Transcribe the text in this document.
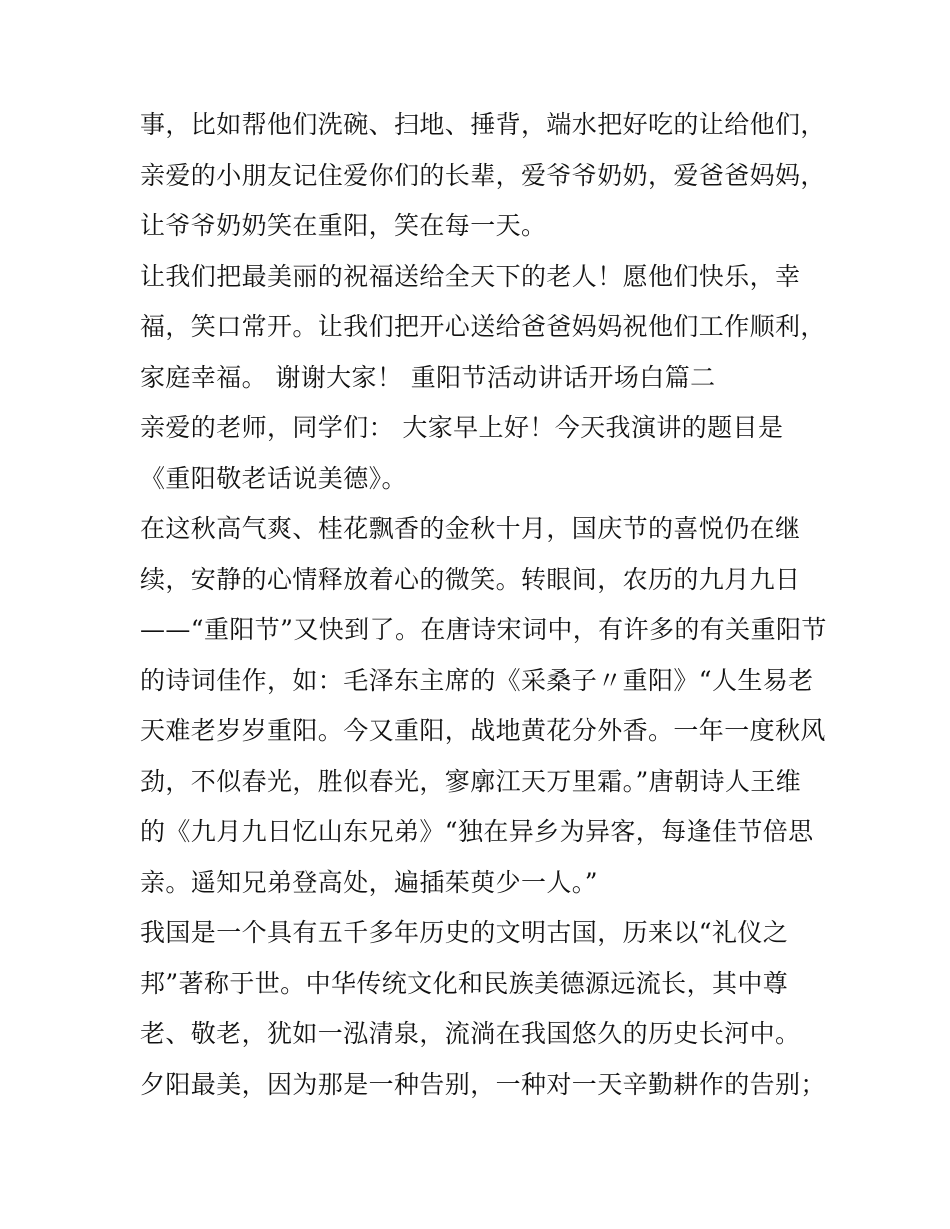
事，比如帮他们洗碗、扫地、捶背，端水把好吃的让给他们，
亲爱的小朋友记住爱你们的长辈，爱爷爷奶奶，爱爸爸妈妈，
让爷爷奶奶笑在重阳，笑在每一天。
让我们把最美丽的祝福送给全天下的老人！愿他们快乐，幸
福，笑口常开。让我们把开心送给爸爸妈妈祝他们工作顺利，
家庭幸福。 谢谢大家！ 重阳节活动讲话开场白篇二
亲爱的老师，同学们： 大家早上好！今天我演讲的题目是
《重阳敬老话说美德》。
在这秋高气爽、桂花飘香的金秋十月，国庆节的喜悦仍在继
续，安静的心情释放着心的微笑。转眼间，农历的九月九日
——“重阳节”又快到了。在唐诗宋词中，有许多的有关重阳节
的诗词佳作，如：毛泽东主席的《采桑子〃重阳》“人生易老
天难老岁岁重阳。今又重阳，战地黄花分外香。一年一度秋风
劲，不似春光，胜似春光，寥廓江天万里霜。”唐朝诗人王维
的《九月九日忆山东兄弟》“独在异乡为异客，每逢佳节倍思
亲。遥知兄弟登高处，遍插茱萸少一人。”
我国是一个具有五千多年历史的文明古国，历来以“礼仪之
邦”著称于世。中华传统文化和民族美德源远流长，其中尊
老、敬老，犹如一泓清泉，流淌在我国悠久的历史长河中。
夕阳最美，因为那是一种告别，一种对一天辛勤耕作的告别；
